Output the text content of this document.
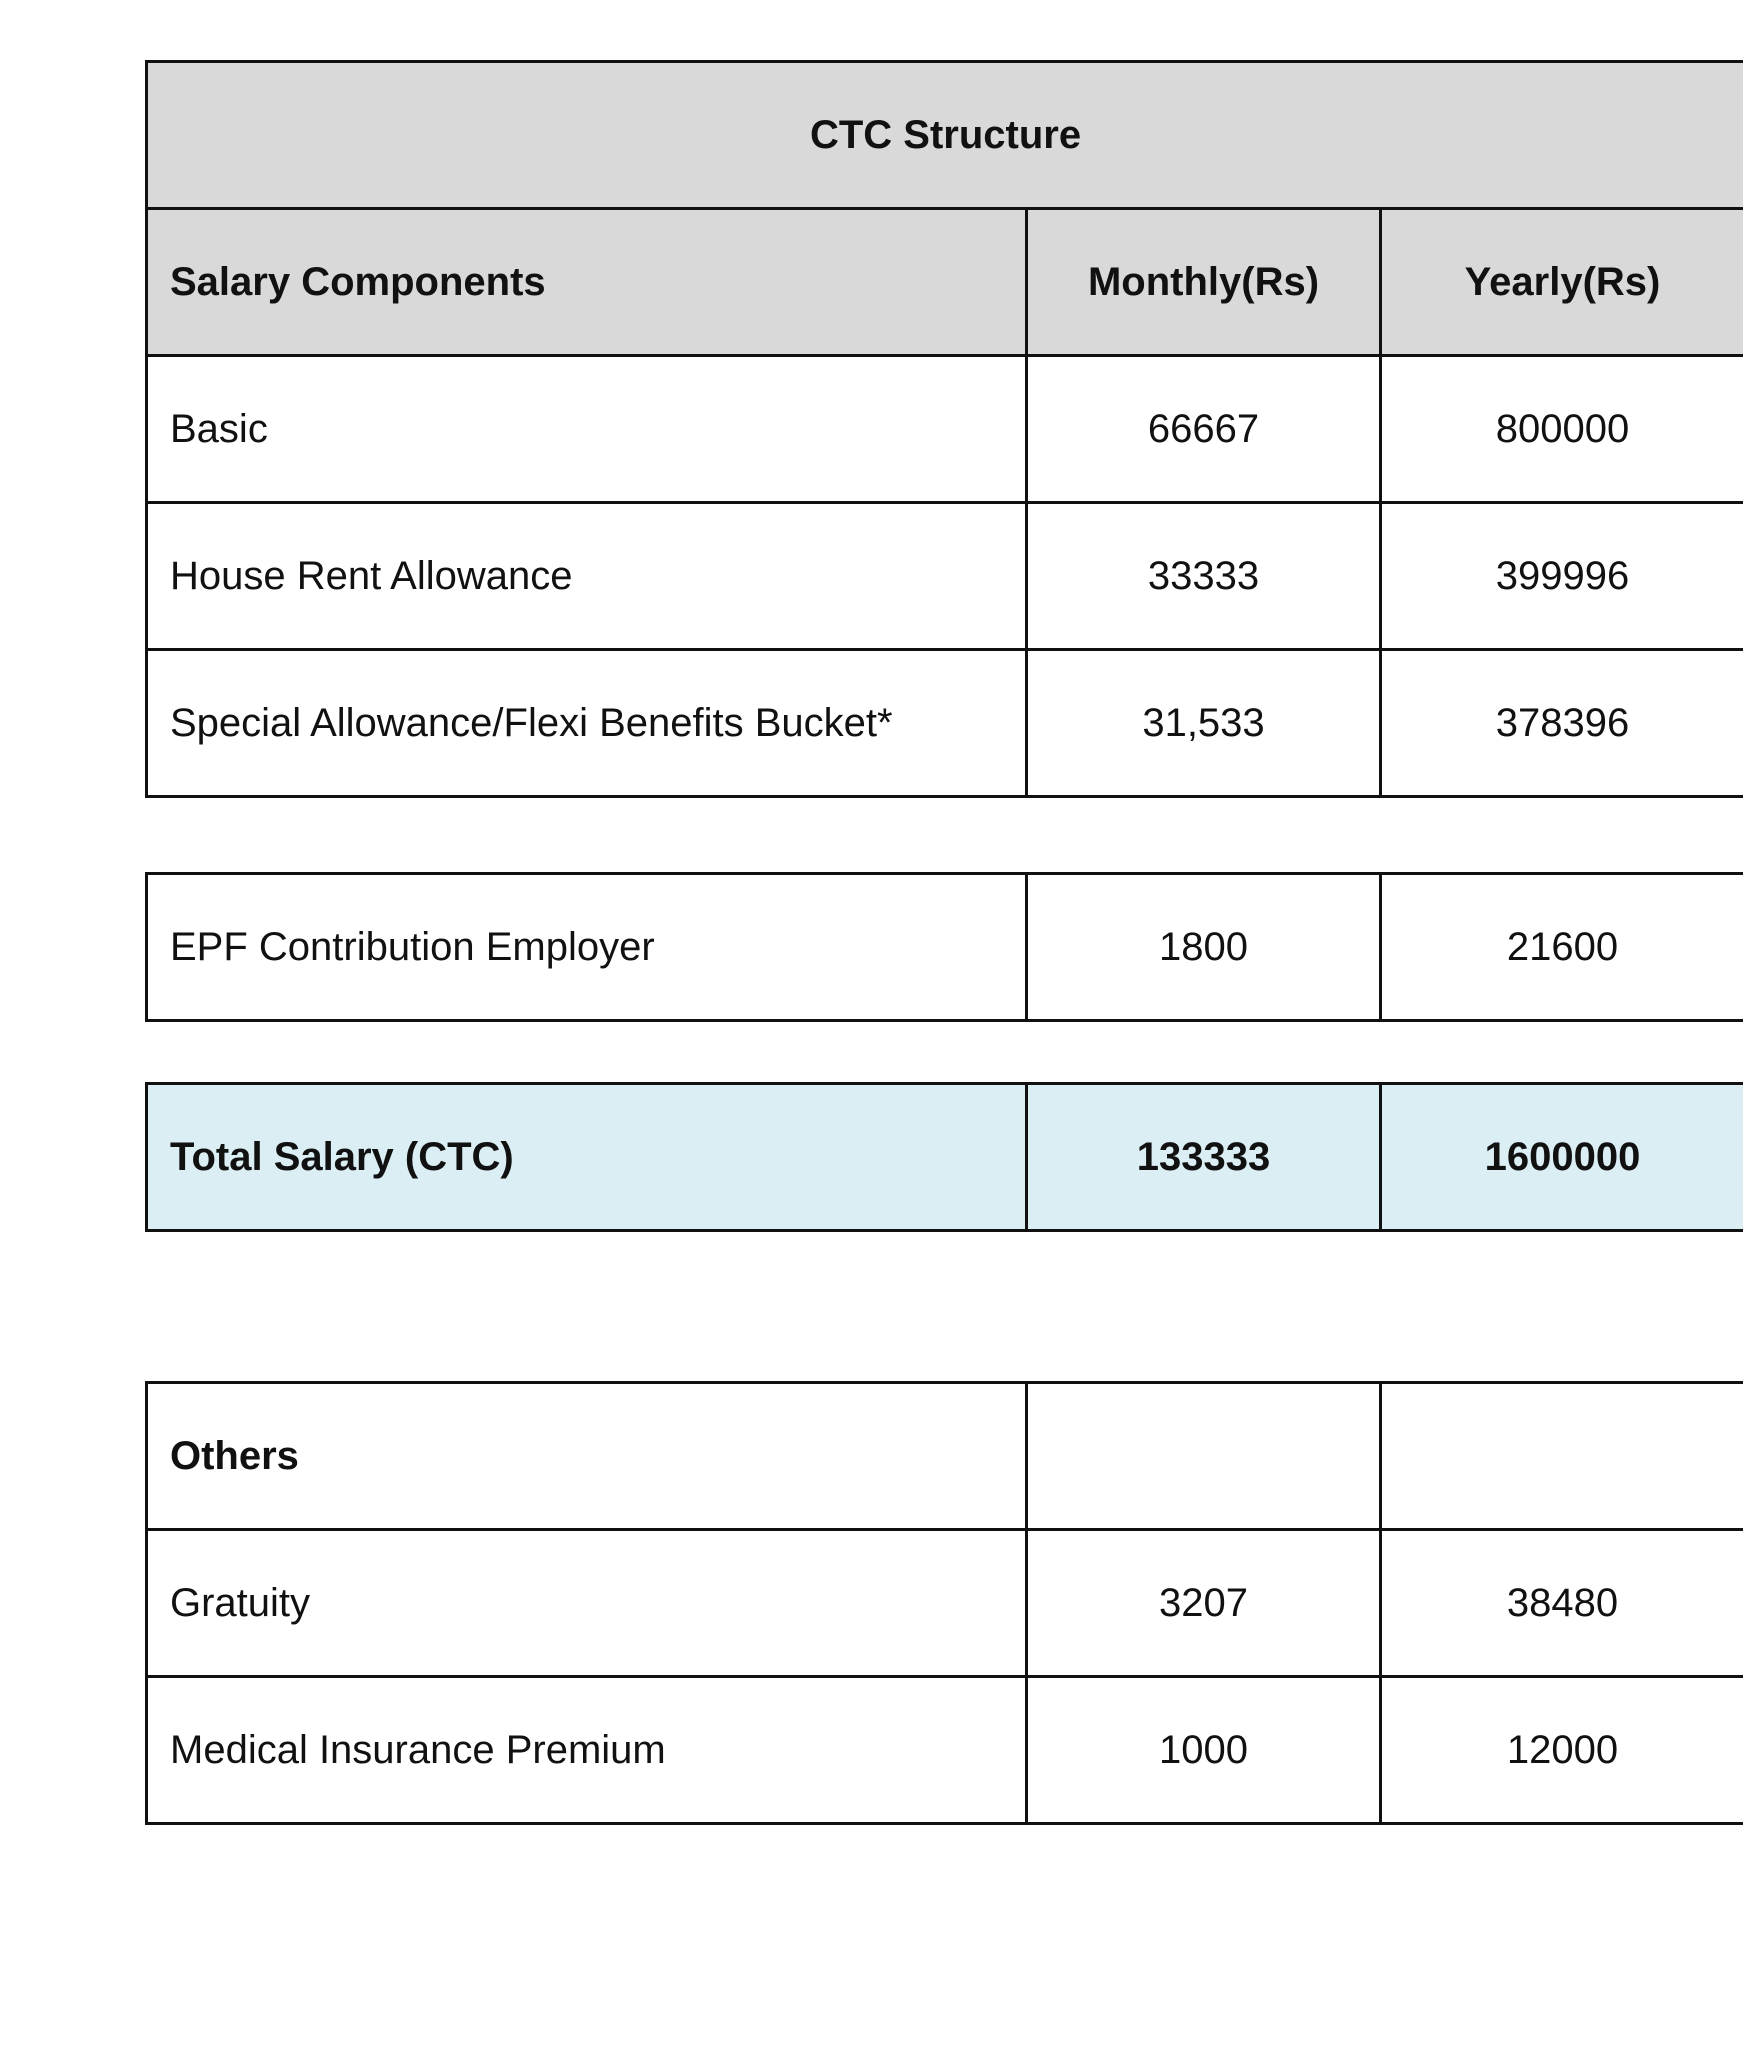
CTC Structure		
Salary Components	Monthly(Rs)	Yearly(Rs)
Basic	66667	800000
House Rent Allowance	33333	399996
Special Allowance/Flexi Benefits Bucket*	31,533	378396
EPF Contribution Employer	1800	21600
Total Salary (CTC)	133333	1600000
Others		
Gratuity	3207	38480
Medical Insurance Premium	1000	12000
